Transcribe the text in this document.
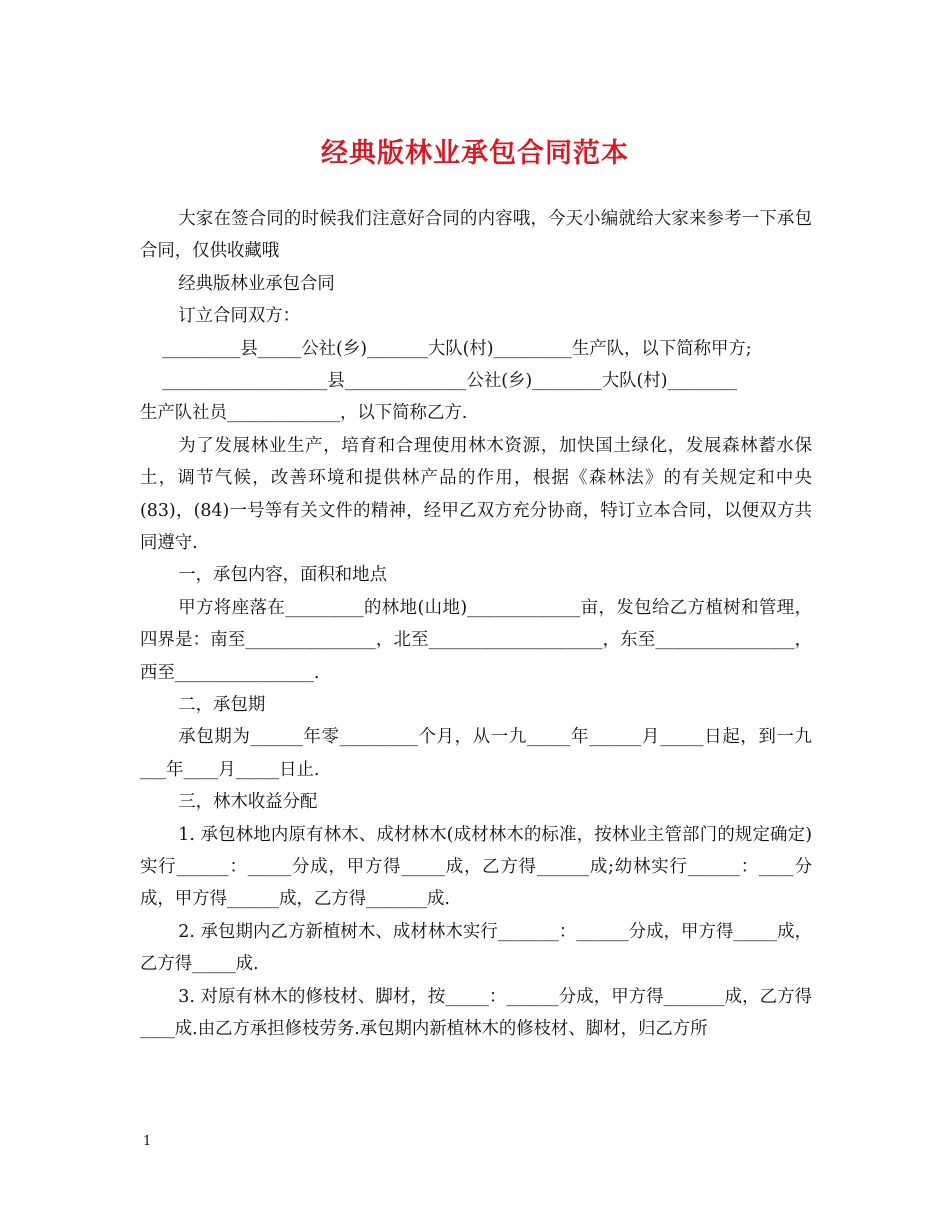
经典版林业承包合同范本

大家在签合同的时候我们注意好合同的内容哦，今天小编就给大家来参考一下承包合同，仅供收藏哦

经典版林业承包合同

订立合同双方：

_________县_____公社(乡)_______大队(村)_________生产队，以下简称甲方;
___________________县______________公社(乡)________大队(村)________
生产队社员_____________，以下简称乙方.

为了发展林业生产，培育和合理使用林木资源，加快国土绿化，发展森林蓄水保土，调节气候，改善环境和提供林产品的作用，根据《森林法》的有关规定和中央(83)，(84)一号等有关文件的精神，经甲乙双方充分协商，特订立本合同，以便双方共同遵守.

一，承包内容，面积和地点

甲方将座落在_________的林地(山地)_____________亩，发包给乙方植树和管理，四界是：南至_______________，北至____________________，东至________________，西至________________.

二，承包期

承包期为______年零_________个月，从一九_____年______月_____日起，到一九___年____月_____日止.

三，林木收益分配

1. 承包林地内原有林木、成材林木(成材林木的标准，按林业主管部门的规定确定)实行______：_____分成，甲方得_____成，乙方得______成;幼林实行______：____分成，甲方得______成，乙方得_______成.

2. 承包期内乙方新植树木、成材林木实行_______：______分成，甲方得_____成，乙方得_____成.

3. 对原有林木的修枝材、脚材，按_____：______分成，甲方得_______成，乙方得____成.由乙方承担修枝劳务.承包期内新植林木的修枝材、脚材，归乙方所

1
